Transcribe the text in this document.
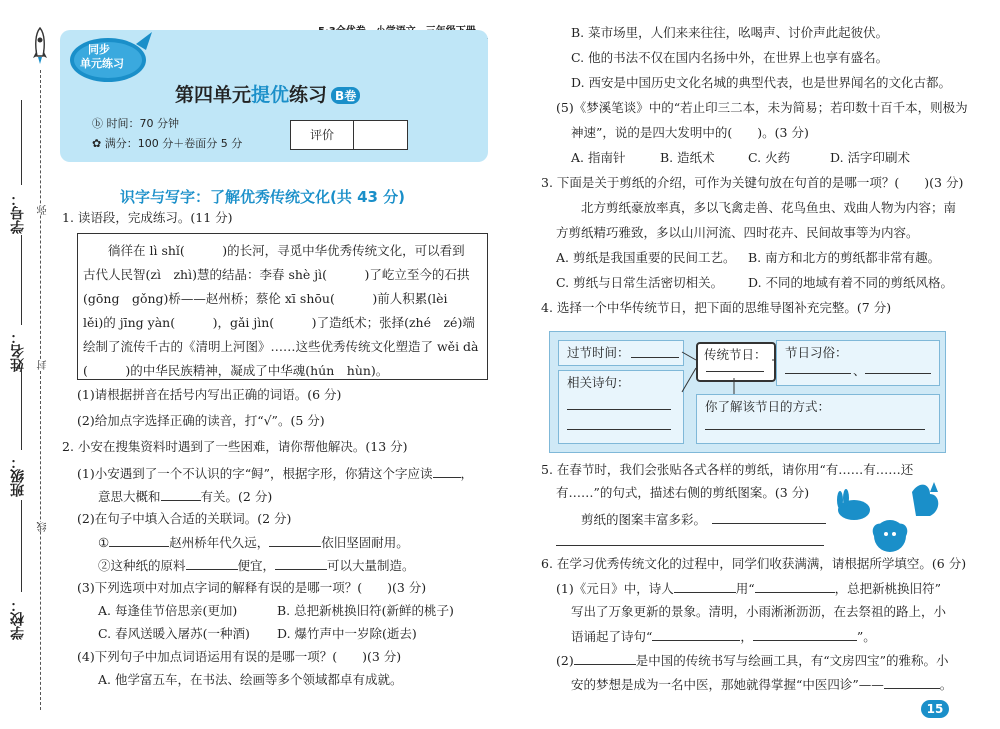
弥
封
线
学号：
姓名：
班级：
学校：
同步
单元练习
第四单元提优练习 B卷
ⓑ 时间：70 分钟
✿ 满分：100 分＋卷面分 5 分
评价
识字与写字：了解优秀传统文化(共 43 分)
1. 读语段，完成练习。(11 分)
　　徜徉在 lì shǐ(　　　)的长河，寻觅中华优秀传统文化，可以看到
古代人民智(zì　zhì)慧的结晶：李春 shè jì(　　　)了屹立至今的石拱
(gōng　gǒng)桥——赵州桥；蔡伦 xī shōu(　　　)前人积累(lèi
lěi)的 jīng yàn(　　　)，gǎi jìn(　　　)了造纸术；张择(zhé　zé)端
绘制了流传千古的《清明上河图》……这些优秀传统文化塑造了 wěi dà
(　　　)的中华民族精神，凝成了中华魂(hún　hùn)。
(1)请根据拼音在括号内写出正确的词语。(6 分)
(2)给加点字选择正确的读音，打“√”。(5 分)
2. 小安在搜集资料时遇到了一些困难，请你帮他解决。(13 分)
(1)小安遇到了一个不认识的字“鲟”，根据字形，你猜这个字应读 ，
意思大概和	有关。(2 分)
(2)在句子中填入合适的关联词。(2 分)
①	赵州桥年代久远，	依旧坚固耐用。
②这种纸的原料	便宜，	可以大量制造。
(3)下列选项中对加点字词的解释有误的是哪一项？(　　)(3 分)
A. 每逢佳节倍思亲(更加)	B. 总把新桃换旧符(新鲜的桃子)
C. 春风送暖入屠苏(一种酒) D. 爆竹声中一岁除(逝去)
(4)下列句子中加点词语运用有误的是哪一项？(　　)(3 分)
A. 他学富五车，在书法、绘画等多个领域都卓有成就。
B. 菜市场里，人们来来往往，吆喝声、讨价声此起彼伏。
C. 他的书法不仅在国内名扬中外，在世界上也享有盛名。
D. 西安是中国历史文化名城的典型代表，也是世界闻名的文化古都。
(5)《梦溪笔谈》中的“若止印三二本，未为简易；若印数十百千本，则极为
神速”，说的是四大发明中的(　　)。(3 分)
A. 指南针	B. 造纸术	C. 火药	D. 活字印刷术
3. 下面是关于剪纸的介绍，可作为关键句放在句首的是哪一项？(　　)(3 分)
　　北方剪纸豪放率真，多以飞禽走兽、花鸟鱼虫、戏曲人物为内容；南
方剪纸精巧雅致，多以山川河流、四时花卉、民间故事等为内容。
A. 剪纸是我国重要的民间工艺。 B. 南方和北方的剪纸都非常有趣。
C. 剪纸与日常生活密切相关。 D. 不同的地域有着不同的剪纸风格。
4. 选择一个中华传统节日，把下面的思维导图补充完整。(7 分)
过节时间：
相关诗句：
传统节日： 节日习俗：
、
你了解该节日的方式：
5. 在春节时，我们会张贴各式各样的剪纸，请你用“有……有……还
有……”的句式，描述右侧的剪纸图案。(3 分)
剪纸的图案丰富多彩。
6. 在学习优秀传统文化的过程中，同学们收获满满，请根据所学填空。(6 分)
(1)《元日》中，诗人	用“	，总把新桃换旧符”
写出了万象更新的景象。清明，小雨淅淅沥沥，在去祭祖的路上，小
语诵起了诗句“	，	”。
(2)	是中国的传统书写与绘画工具，有“文房四宝”的雅称。小
安的梦想是成为一名中医，那她就得掌握“中医四诊”——	。
15
